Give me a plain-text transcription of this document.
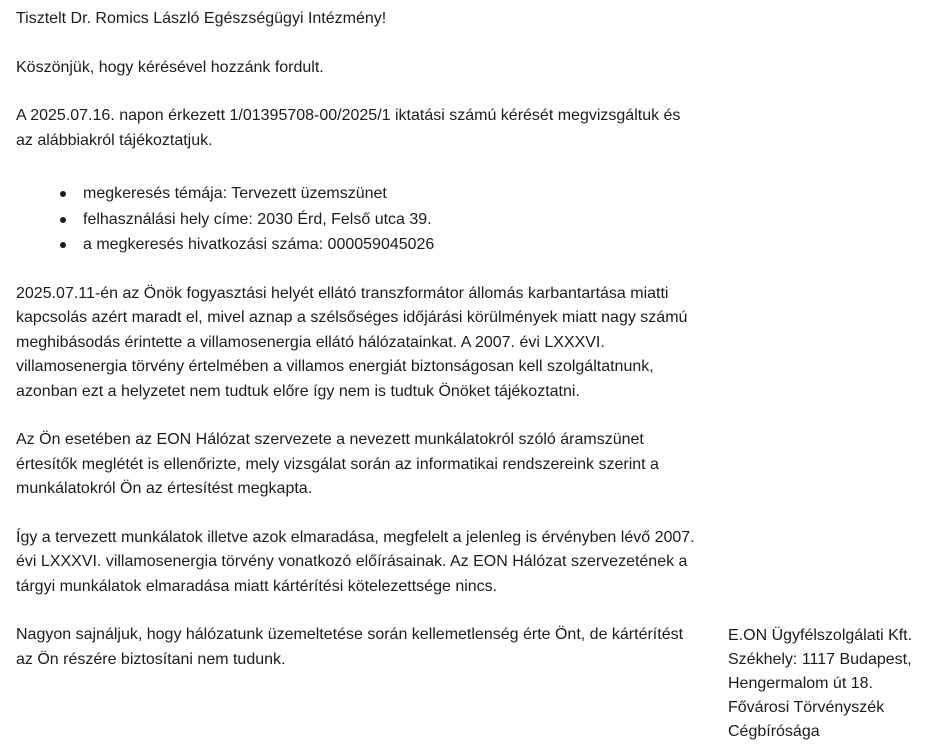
Tisztelt Dr. Romics László Egészségügyi Intézmény!

Köszönjük, hogy kérésével hozzánk fordult.

A 2025.07.16. napon érkezett 1/01395708-00/2025/1 iktatási számú kérését megvizsgáltuk és az alábbiakról tájékoztatjuk.

megkeresés témája: Tervezett üzemszünet
felhasználási hely címe: 2030 Érd, Felső utca 39.
a megkeresés hivatkozási száma: 000059045026

2025.07.11-én az Önök fogyasztási helyét ellátó transzformátor állomás karbantartása miatti kapcsolás azért maradt el, mivel aznap a szélsőséges időjárási körülmények miatt nagy számú meghibásodás érintette a villamosenergia ellátó hálózatainkat. A 2007. évi LXXXVI. villamosenergia törvény értelmében a villamos energiát biztonságosan kell szolgáltatnunk, azonban ezt a helyzetet nem tudtuk előre így nem is tudtuk Önöket tájékoztatni.

Az Ön esetében az EON Hálózat szervezete a nevezett munkálatokról szóló áramszünet értesítők meglétét is ellenőrizte, mely vizsgálat során az informatikai rendszereink szerint a munkálatokról Ön az értesítést megkapta.

Így a tervezett munkálatok illetve azok elmaradása, megfelelt a jelenleg is érvényben lévő 2007. évi LXXXVI. villamosenergia törvény vonatkozó előírásainak. Az EON Hálózat szervezetének a tárgyi munkálatok elmaradása miatt kártérítési kötelezettsége nincs.

Nagyon sajnáljuk, hogy hálózatunk üzemeltetése során kellemetlenség érte Önt, de kártérítést az Ön részére biztosítani nem tudunk.

E.ON Ügyfélszolgálati Kft.
Székhely: 1117 Budapest,
Hengermalom út 18.
Fővárosi Törvényszék
Cégbírósága
